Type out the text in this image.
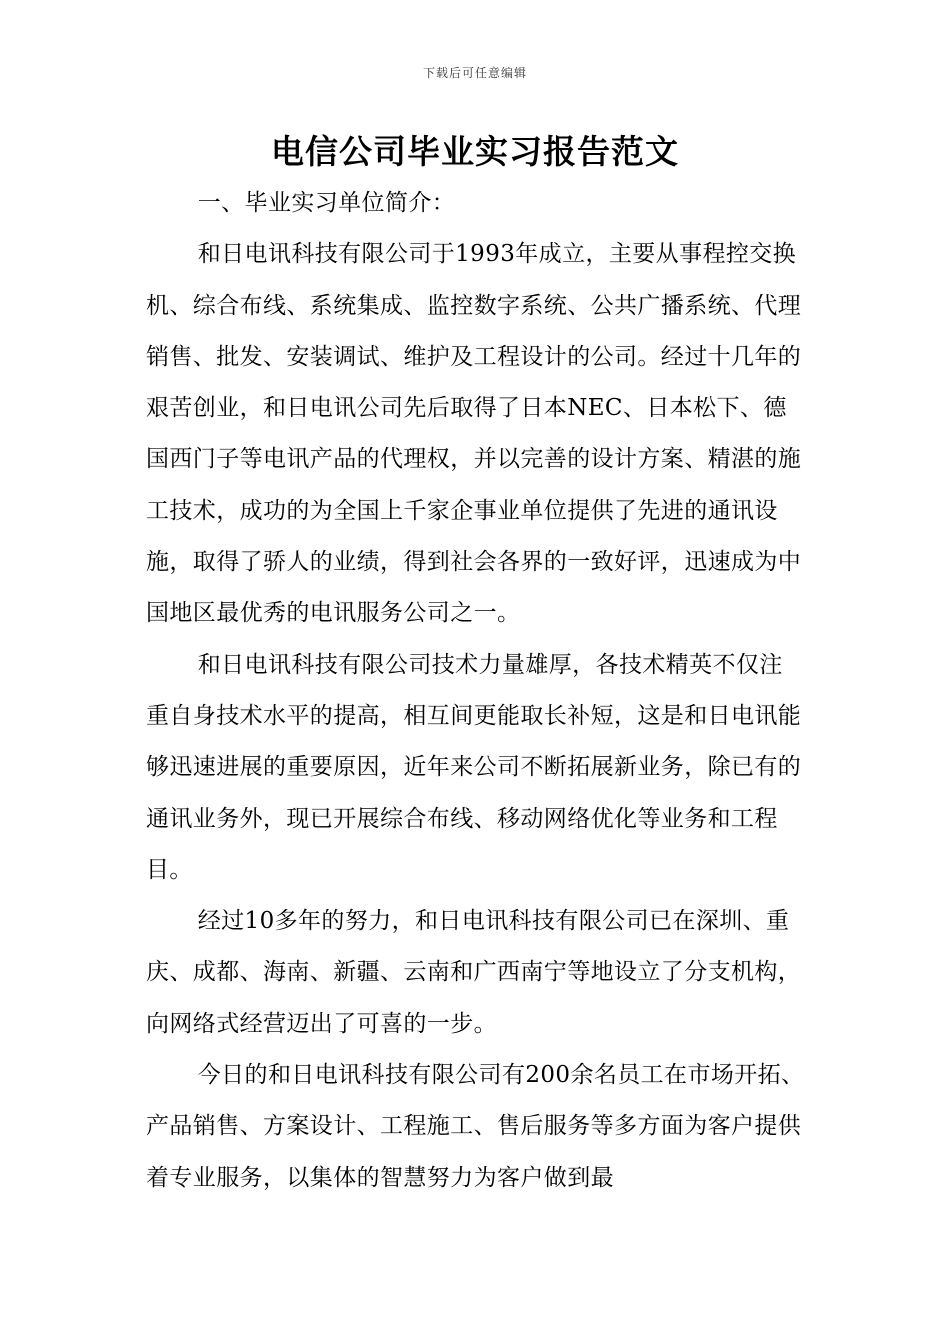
下载后可任意编辑
电信公司毕业实习报告范文

一、毕业实习单位简介：

和日电讯科技有限公司于1993年成立，主要从事程控交换机、综合布线、系统集成、监控数字系统、公共广播系统、代理销售、批发、安装调试、维护及工程设计的公司。经过十几年的艰苦创业，和日电讯公司先后取得了日本NEC、日本松下、德国西门子等电讯产品的代理权，并以完善的设计方案、精湛的施工技术，成功的为全国上千家企事业单位提供了先进的通讯设施，取得了骄人的业绩，得到社会各界的一致好评，迅速成为中国地区最优秀的电讯服务公司之一。

和日电讯科技有限公司技术力量雄厚，各技术精英不仅注重自身技术水平的提高，相互间更能取长补短，这是和日电讯能够迅速进展的重要原因，近年来公司不断拓展新业务，除已有的通讯业务外，现已开展综合布线、移动网络优化等业务和工程目。

经过10多年的努力，和日电讯科技有限公司已在深圳、重庆、成都、海南、新疆、云南和广西南宁等地设立了分支机构，向网络式经营迈出了可喜的一步。

今日的和日电讯科技有限公司有200余名员工在市场开拓、产品销售、方案设计、工程施工、售后服务等多方面为客户提供着专业服务，以集体的智慧努力为客户做到最
